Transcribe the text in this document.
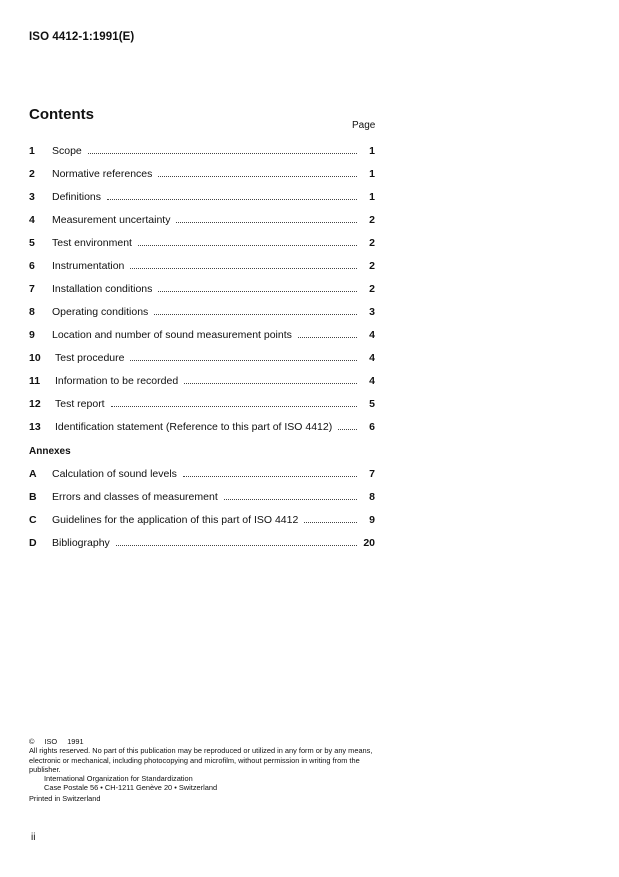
ISO 4412-1:1991(E)
Contents
Page
1	Scope	1
2	Normative references	1
3	Definitions	1
4	Measurement uncertainty	2
5	Test environment	2
6	Instrumentation	2
7	Installation conditions	2
8	Operating conditions	3
9	Location and number of sound measurement points	4
10	Test procedure	4
11	Information to be recorded	4
12	Test report	5
13	Identification statement (Reference to this part of ISO 4412)	6
Annexes
A	Calculation of sound levels	7
B	Errors and classes of measurement	8
C	Guidelines for the application of this part of ISO 4412	9
D	Bibliography	20
© ISO 1991
All rights reserved. No part of this publication may be reproduced or utilized in any form or by any means, electronic or mechanical, including photocopying and microfilm, without permission in writing from the publisher.
International Organization for Standardization
Case Postale 56 • CH-1211 Genève 20 • Switzerland
Printed in Switzerland
ii
